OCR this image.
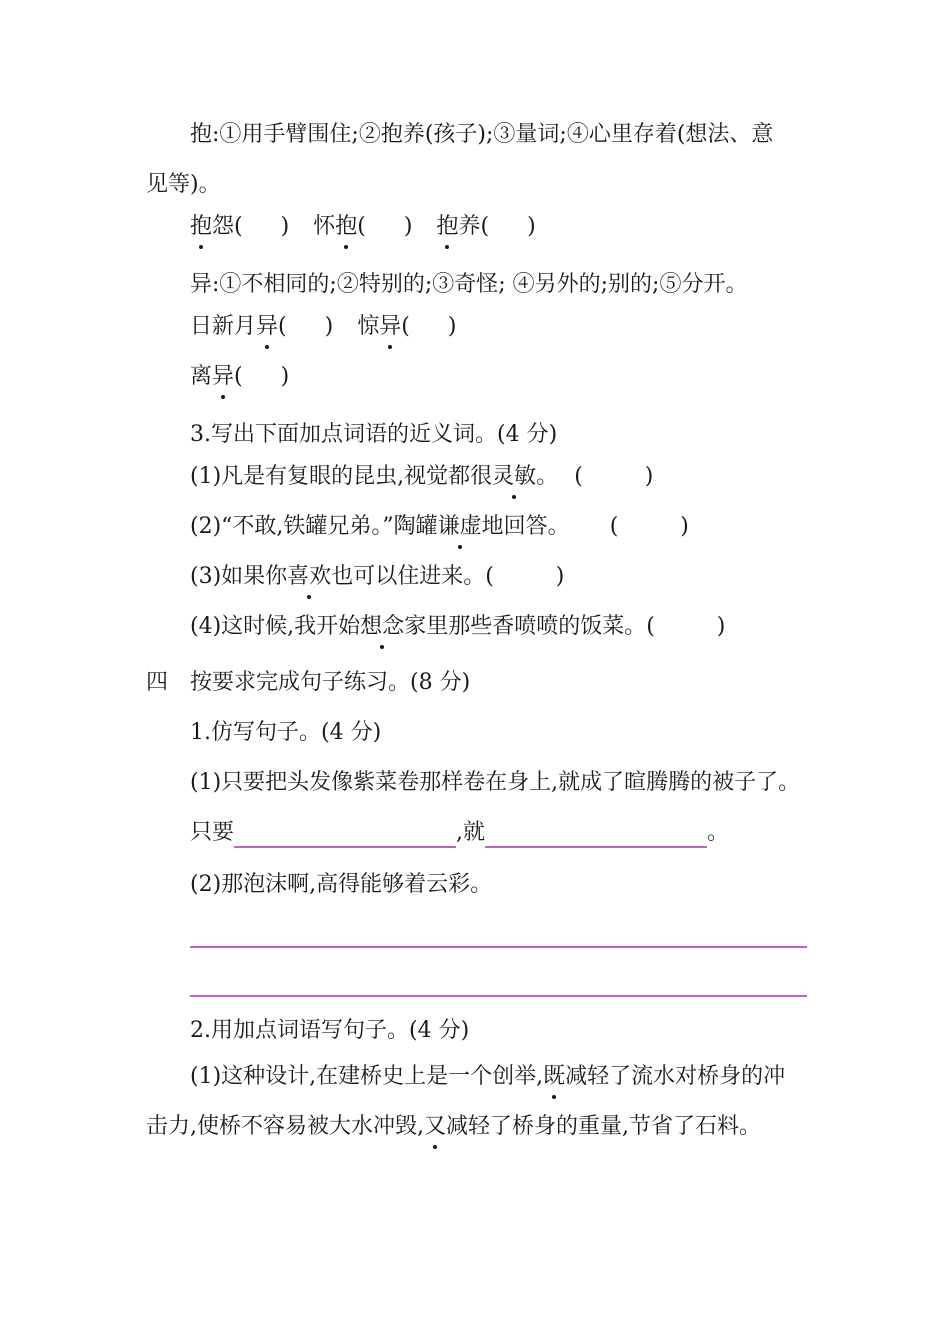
抱:①用手臂围住;②抱养(孩子);③量词;④心里存着(想法、意
见等)。
抱怨( ) 怀抱( ) 抱养( )
异:①不相同的;②特别的;③奇怪; ④另外的;别的;⑤分开。
日新月异( ) 惊异( )
离异( )
3.写出下面加点词语的近义词。(4 分)
(1)凡是有复眼的昆虫,视觉都很灵敏。 (	)
(2)“不敢,铁罐兄弟。”陶罐谦虚地回答。 (	)
(3)如果你喜欢也可以住进来。(	)
(4)这时候,我开始想念家里那些香喷喷的饭菜。(	)
四 按要求完成句子练习。(8 分)
1.仿写句子。(4 分)
(1)只要把头发像紫菜卷那样卷在身上,就成了暄腾腾的被子了。
只要	,就	。
(2)那泡沫啊,高得能够着云彩。
2.用加点词语写句子。(4 分)
(1)这种设计,在建桥史上是一个创举,既减轻了流水对桥身的冲
击力,使桥不容易被大水冲毁,又减轻了桥身的重量,节省了石料。
